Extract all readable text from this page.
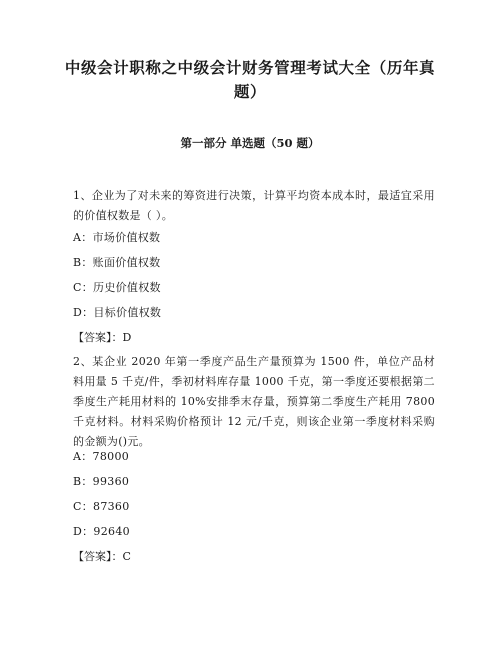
中级会计职称之中级会计财务管理考试大全（历年真题）
第一部分 单选题（50 题）
1、企业为了对未来的筹资进行决策，计算平均资本成本时，最适宜采用的价值权数是（ ）。
A：市场价值权数
B：账面价值权数
C：历史价值权数
D：目标价值权数
【答案】：D
2、某企业 2020 年第一季度产品生产量预算为 1500 件，单位产品材料用量 5 千克/件，季初材料库存量 1000 千克，第一季度还要根据第二季度生产耗用材料的 10%安排季末存量，预算第二季度生产耗用 7800 千克材料。材料采购价格预计 12 元/千克，则该企业第一季度材料采购的金额为()元。
A：78000
B：99360
C：87360
D：92640
【答案】：C
